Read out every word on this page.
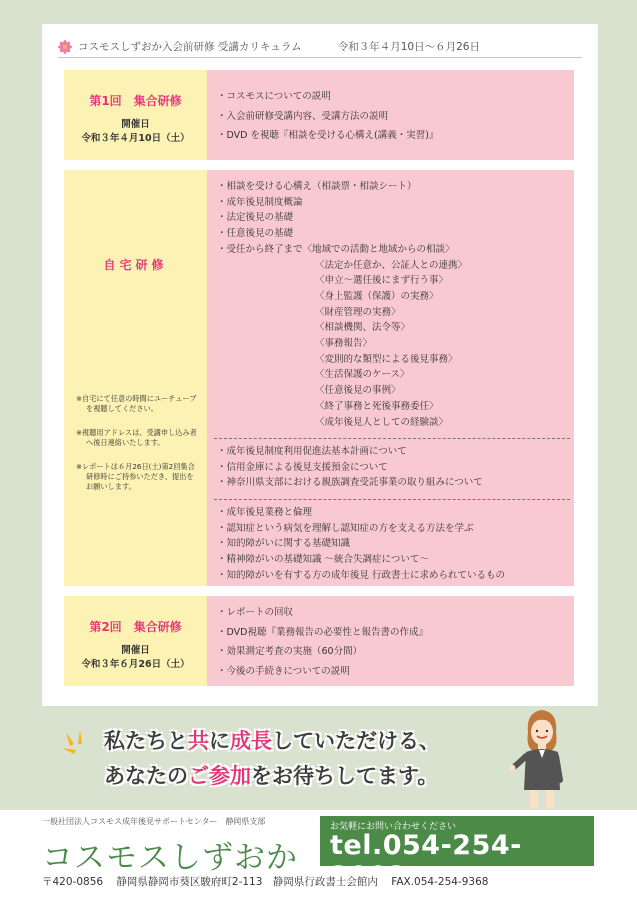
コスモスしずおか入会前研修 受講カリキュラム	令和３年４月10日～６月26日
第1回　集合研修
開催日
令和３年４月10日（土）
・コスモスについての説明
・入会前研修受講内容、受講方法の説明
・DVD を視聴『相談を受ける心構え(講義・実習)』
自宅研修
※自宅にて任意の時間にユーチューブを視聴してください。
※視聴用アドレスは、受講申し込み者へ後日連絡いたします。
※レポートは６月26日(土)第2回集合研修時にご持参いただき、提出をお願いします。
・相談を受ける心構え（相談票・相談シート）
・成年後見制度概論
・法定後見の基礎
・任意後見の基礎
・受任から終了まで〈地域での活動と地域からの相談〉
〈法定か任意か、公証人との連携〉
〈申立～選任後にまず行う事〉
〈身上監護（保護）の実務〉
〈財産管理の実務〉
〈相談機関、法令等〉
〈事務報告〉
〈変則的な類型による後見事務〉
〈生活保護のケース〉
〈任意後見の事例〉
〈終了事務と死後事務委任〉
〈成年後見人としての経験談〉
・成年後見制度利用促進法基本計画について
・信用金庫による後見支援預金について
・神奈川県支部における親族調査受託事業の取り組みについて
・成年後見業務と倫理
・認知症という病気を理解し認知症の方を支える方法を学ぶ
・知的障がいに関する基礎知識
・精神障がいの基礎知識 ～統合失調症について～
・知的障がいを有する方の成年後見 行政書士に求められているもの
第2回　集合研修
開催日
令和３年６月26日（土）
・レポートの回収
・DVD視聴『業務報告の必要性と報告書の作成』
・効果測定考査の実施（60分間）
・今後の手続きについての説明
私たちと共に成長していただける、
あなたのご参加をお待ちしてます。
一般社団法人コスモス成年後見サポートセンター　静岡県支部
コスモスしずおか
お気軽にお問い合わせください
tel.054-254-3003
〒420-0856 静岡県静岡市葵区駿府町2-113　静岡県行政書士会館内 FAX.054-254-9368
